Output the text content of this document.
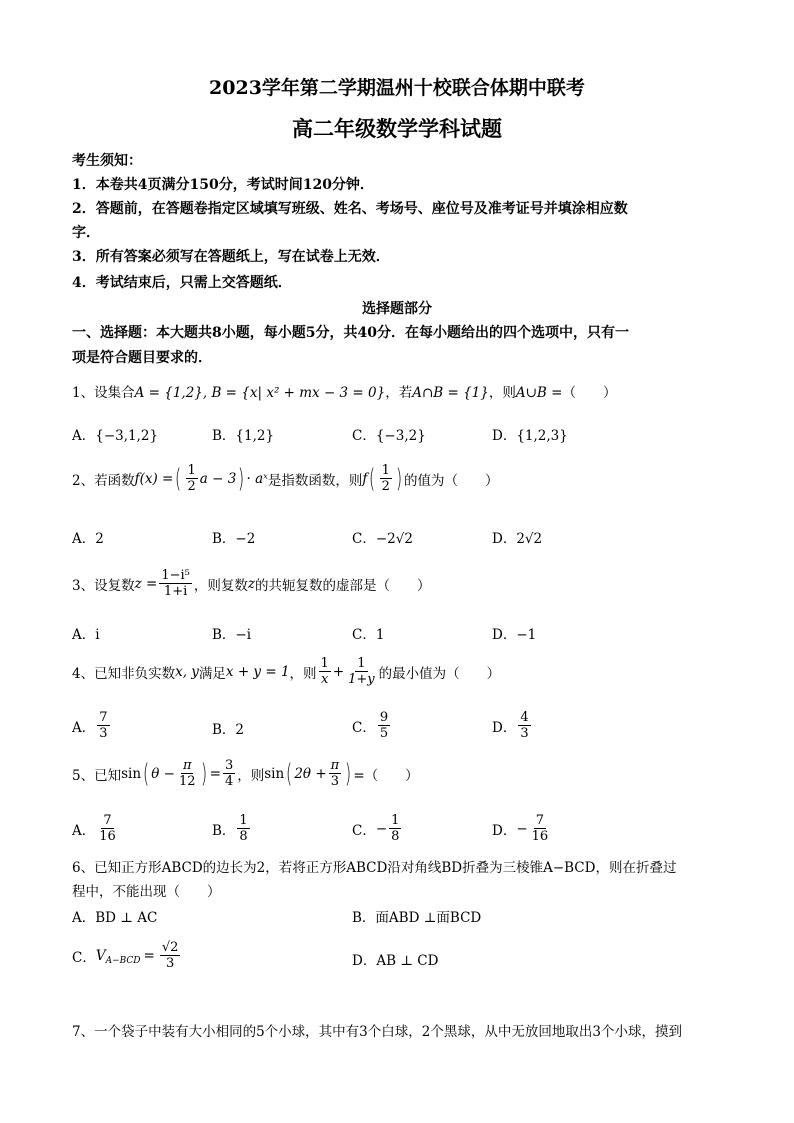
2023学年第二学期温州十校联合体期中联考
高二年级数学学科试题
考生须知：
1．本卷共4页满分150分，考试时间120分钟．
2．答题前，在答题卷指定区域填写班级、姓名、考场号、座位号及准考证号并填涂相应数
字．
3．所有答案必须写在答题纸上，写在试卷上无效．
4．考试结束后，只需上交答题纸．
选择题部分
一、选择题：本大题共8小题，每小题5分，共40分．在每小题给出的四个选项中，只有一
项是符合题目要求的．
1、设集合A = {1,2}, B = {x| x² + mx − 3 = 0}，若A∩B = {1}，则A∪B =（　　）
A．{−3,1,2}	B．{1,2}	C．{−3,2}	D．{1,2,3}
2、若函数 f(x) = ( $\frac{1}{2}$ a − 3 ) · aˣ 是指数函数，则 f ( $\frac{1}{2}$ ) 的值为（　　）
A．2	B．−2	C．−2√2	D．2√2
3、设复数 $z = \frac{\text{1−i⁵}}{1+i}$ ，则复数 z 的共轭复数的虚部是（　　）
A．i	B．−i	C．1	D．−1
4、已知非负实数 x, y 满足 x + y = 1 ，则 $\frac{1}{x} + \frac{1}{1+y}$ 的最小值为（　　）
A． $\frac{7}{3}$	B．2	C． $\frac{9}{5}$	D． $\frac{4}{3}$
5、已知 sin ( $\theta - \frac{\pi}{12}$ ) = $\frac{3}{4}$ ，则 sin ( $2\theta + \frac{\pi}{3}$ ) =（　　）
A． $\frac{7}{16}$	B． $\frac{1}{8}$	C． − $\frac{1}{8}$	D． − $\frac{7}{16}$
6、已知正方形ABCD的边长为2，若将正方形ABCD沿对角线BD折叠为三棱锥A−BCD，则在折叠过
程中，不能出现（　　）
A．BD ⊥ AC	B．面ABD ⊥面BCD
C． $V_{A-BCD} = \frac{√2}{3}$	D．AB ⊥ CD
7、一个袋子中装有大小相同的5个小球，其中有3个白球，2个黑球，从中无放回地取出3个小球，摸到
